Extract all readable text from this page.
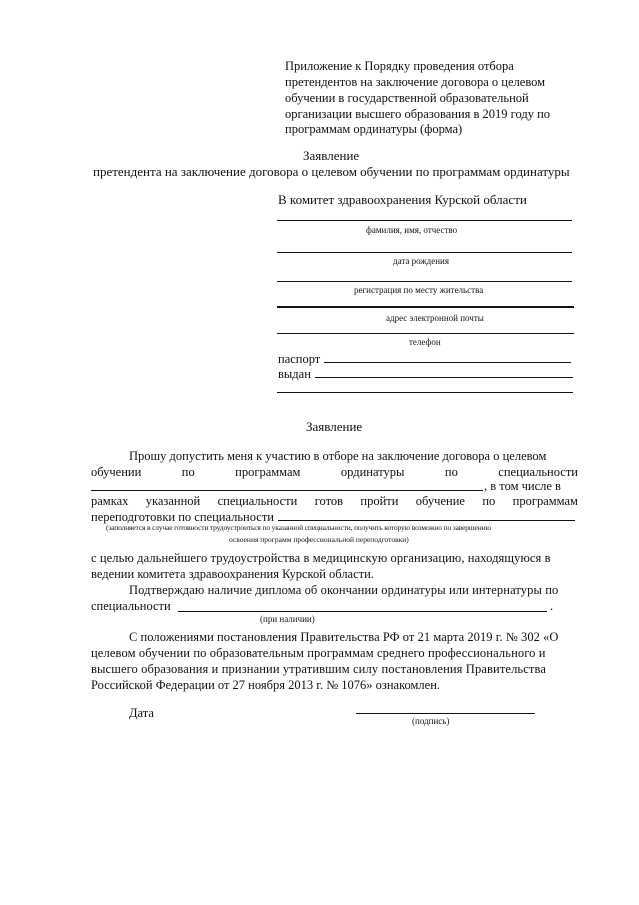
Приложение к Порядку проведения отбора
претендентов на заключение договора о целевом
обучении в государственной образовательной
организации высшего образования в 2019 году по
программам ординатуры (форма)
Заявление
претендента на заключение договора о целевом обучении по программам ординатуры
В комитет здравоохранения Курской области
фамилия, имя, отчество
дата рождения
регистрация по месту жительства
адрес электронной почты
телефон
паспорт
выдан
Заявление
Прошу допустить меня к участию в отборе на заключение договора о целевом
обучении	по	программам	ординатуры	по	специальности
, в том числе в
рамках указанной специальности готов пройти обучение по программам
переподготовки по специальности
(заполняется в случае готовности трудоустроиться по указанной специальности, получить которую возможно по завершению
освоения программ профессиональной переподготовки)
с целью дальнейшего трудоустройства в медицинскую организацию, находящуюся в
ведении комитета здравоохранения Курской области.
Подтверждаю наличие диплома об окончании ординатуры или интернатуры по
специальности	.
(при наличии)
С положениями постановления Правительства РФ от 21 марта 2019 г. № 302 «О
целевом обучении по образовательным программам среднего профессионального и
высшего образования и признании утратившим силу постановления Правительства
Российской Федерации от 27 ноября 2013 г. № 1076» ознакомлен.
Дата
(подпись)
